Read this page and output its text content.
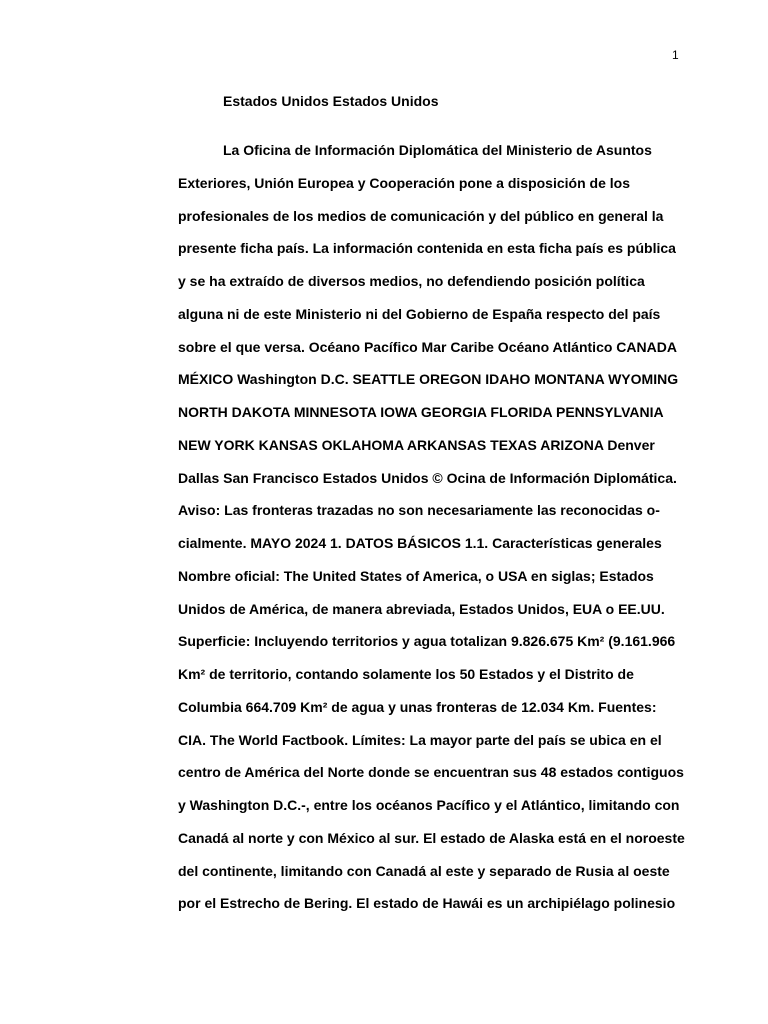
1
Estados Unidos Estados Unidos
La Oficina de Información Diplomática del Ministerio de Asuntos
Exteriores, Unión Europea y Cooperación pone a disposición de los
profesionales de los medios de comunicación y del público en general la
presente ficha país. La información contenida en esta ficha país es pública
y se ha extraído de diversos medios, no defendiendo posición política
alguna ni de este Ministerio ni del Gobierno de España respecto del país
sobre el que versa. Océano Pacífico Mar Caribe Océano Atlántico CANADA
MÉXICO Washington D.C. SEATTLE OREGON IDAHO MONTANA WYOMING
NORTH DAKOTA MINNESOTA IOWA GEORGIA FLORIDA PENNSYLVANIA
NEW YORK KANSAS OKLAHOMA ARKANSAS TEXAS ARIZONA Denver
Dallas San Francisco Estados Unidos © Ocina de Información Diplomática.
Aviso: Las fronteras trazadas no son necesariamente las reconocidas o-
cialmente. MAYO 2024 1. DATOS BÁSICOS 1.1. Características generales
Nombre oficial: The United States of America, o USA en siglas; Estados
Unidos de América, de manera abreviada, Estados Unidos, EUA o EE.UU.
Superficie: Incluyendo territorios y agua totalizan 9.826.675 Km² (9.161.966
Km² de territorio, contando solamente los 50 Estados y el Distrito de
Columbia 664.709 Km² de agua y unas fronteras de 12.034 Km. Fuentes:
CIA. The World Factbook. Límites: La mayor parte del país se ubica en el
centro de América del Norte donde se encuentran sus 48 estados contiguos
y Washington D.C.-, entre los océanos Pacífico y el Atlántico, limitando con
Canadá al norte y con México al sur. El estado de Alaska está en el noroeste
del continente, limitando con Canadá al este y separado de Rusia al oeste
por el Estrecho de Bering. El estado de Hawái es un archipiélago polinesio
